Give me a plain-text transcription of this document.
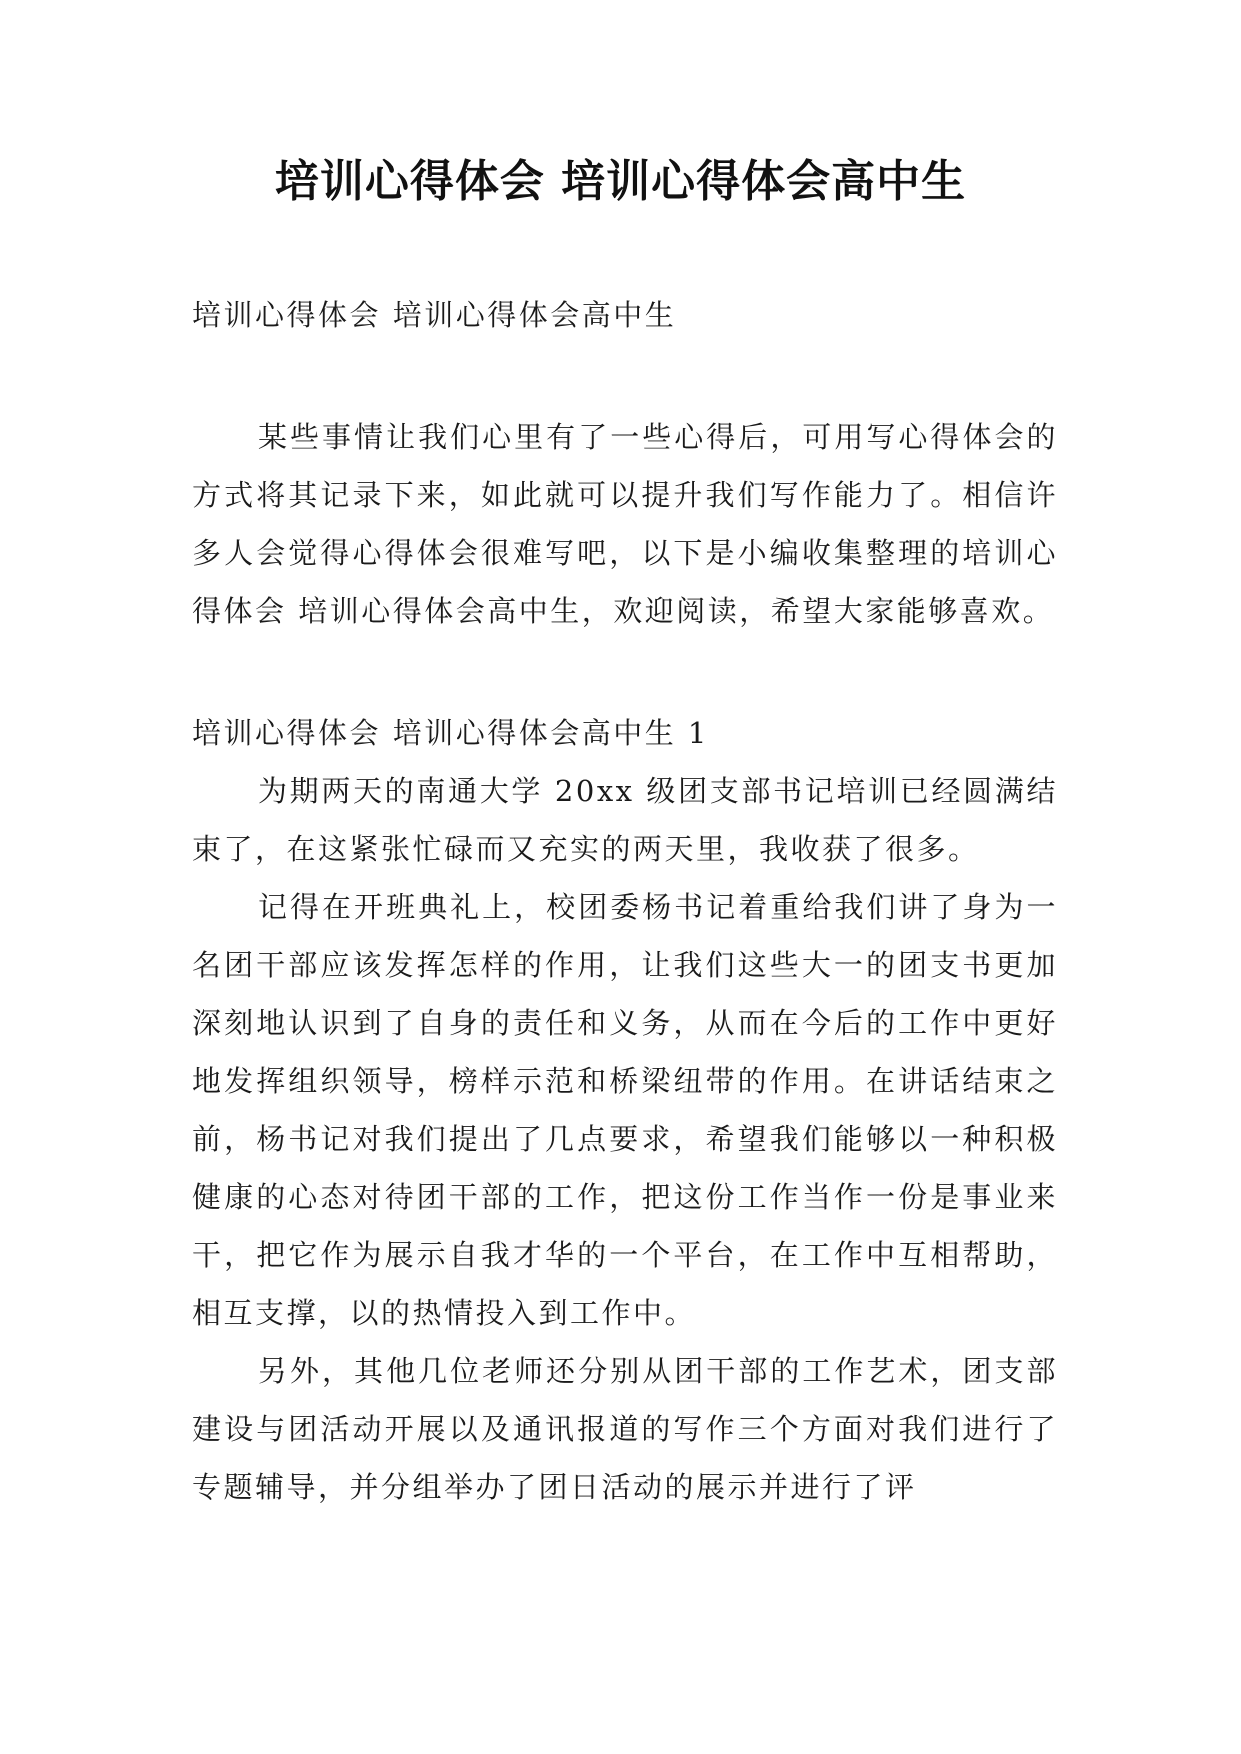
培训心得体会 培训心得体会高中生

培训心得体会 培训心得体会高中生

某些事情让我们心里有了一些心得后，可用写心得体会的方式将其记录下来，如此就可以提升我们写作能力了。相信许多人会觉得心得体会很难写吧，以下是小编收集整理的培训心得体会 培训心得体会高中生，欢迎阅读，希望大家能够喜欢。

培训心得体会 培训心得体会高中生 1

为期两天的南通大学 20xx 级团支部书记培训已经圆满结束了，在这紧张忙碌而又充实的两天里，我收获了很多。

记得在开班典礼上，校团委杨书记着重给我们讲了身为一名团干部应该发挥怎样的作用，让我们这些大一的团支书更加深刻地认识到了自身的责任和义务，从而在今后的工作中更好地发挥组织领导，榜样示范和桥梁纽带的作用。在讲话结束之前，杨书记对我们提出了几点要求，希望我们能够以一种积极健康的心态对待团干部的工作，把这份工作当作一份是事业来干，把它作为展示自我才华的一个平台，在工作中互相帮助，相互支撑，以的热情投入到工作中。

另外，其他几位老师还分别从团干部的工作艺术，团支部建设与团活动开展以及通讯报道的写作三个方面对我们进行了专题辅导，并分组举办了团日活动的展示并进行了评
